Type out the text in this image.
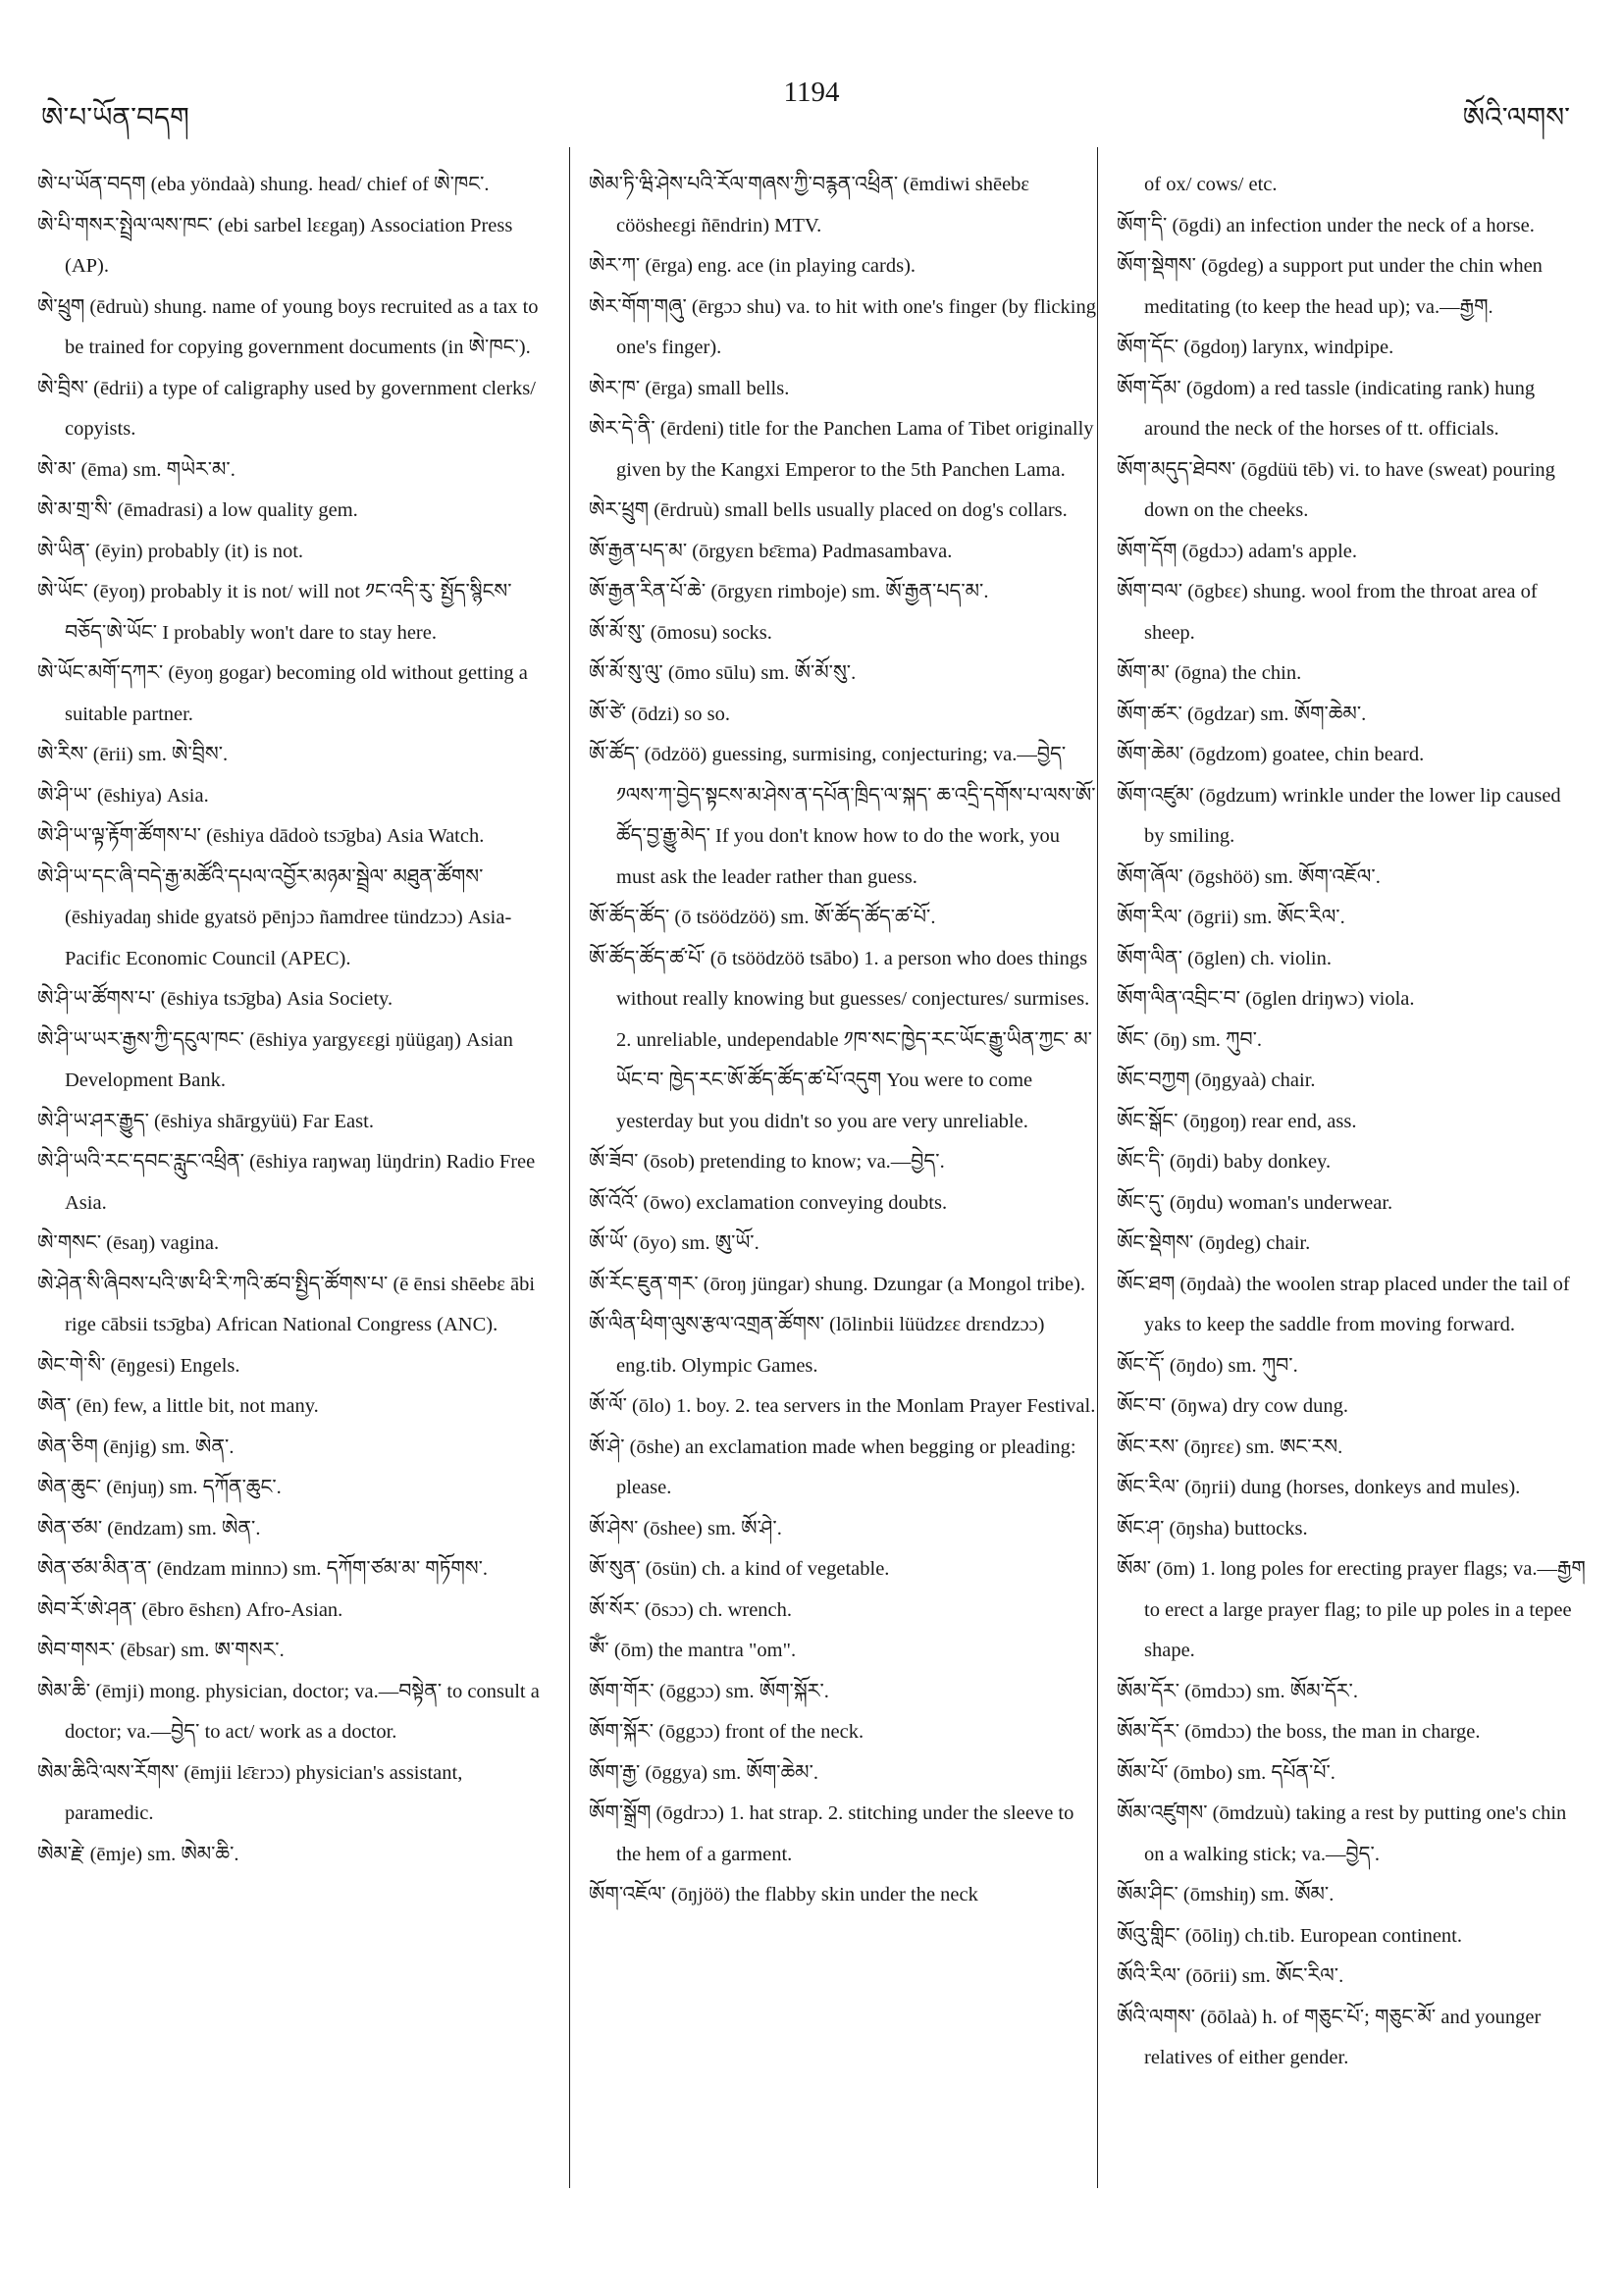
ཨེ་པ་ཡོན་བདག
1194
ཨོའི་ལགས་

ཨེ་པ་ཡོན་བདག (eba yöndaà) shung. head/ chief of ཨེ་ཁང་.

ཨེ་པི་གསར་སྤྲེལ་ལས་ཁང་ (ebi sarbel lɛɛgaŋ) Association Press (AP).

ཨེ་ཕྲུག (ēdruù) shung. name of young boys recruited as a tax to be trained for copying government documents (in ཨེ་ཁང་).

ཨེ་བྲིས་ (ēdrii) a type of caligraphy used by government clerks/ copyists.

ཨེ་མ་ (ēma) sm. གཡེར་མ་.

ཨེ་མ་གྲ་སི་ (ēmadrasi) a low quality gem.

ཨེ་ཡིན་ (ēyin) probably (it) is not.

ཨེ་ཡོང་ (ēyoŋ) probably it is not/ will not ༡ང་འདི་རུ་ སྤྱོད་སྙིངས་བཅོད་ཨེ་ཡོང་ I probably won't dare to stay here.

ཨེ་ཡོང་མགོ་དཀར་ (ēyoŋ gogar) becoming old without getting a suitable partner.

ཨེ་རིས་ (ērii) sm. ཨེ་བྲིས་.

ཨེ་ཤི་ཡ་ (ēshiya) Asia.

ཨེ་ཤི་ཡ་ལྟ་རྟོག་ཚོགས་པ་ (ēshiya dādoò tsɔ̄gba) Asia Watch.

ཨེ་ཤི་ཡ་དང་ཞི་བདེ་རྒྱ་མཚོའི་དཔལ་འབྱོར་མཉམ་སྦྲེལ་ མཐུན་ཚོགས་ (ēshiyadaŋ shide gyatsö pēnjɔɔ ñamdree tündzɔɔ) Asia-Pacific Economic Council (APEC).

ཨེ་ཤི་ཡ་ཚོགས་པ་ (ēshiya tsɔ̄gba) Asia Society.

ཨེ་ཤི་ཡ་ཡར་རྒྱས་ཀྱི་དངུལ་ཁང་ (ēshiya yargyɛɛgi ŋüügaŋ) Asian Development Bank.

ཨེ་ཤི་ཡ་ཤར་རྒྱུད་ (ēshiya shārgyüü) Far East.

ཨེ་ཤི་ཡའི་རང་དབང་རླུང་འཕྲིན་ (ēshiya raŋwaŋ lüŋdrin) Radio Free Asia.

ཨེ་གསང་ (ēsaŋ) vagina.

ཨེ་ཤེན་སི་ཞིབས་པའི་ཨ་ཕི་རི་ཀའི་ཚབ་སྤྱིད་ཚོགས་པ་ (ē ēnsi shēebɛ ābi rige cābsii tsɔ̄gba) African National Congress (ANC).

ཨེང་གེ་སི་ (ēŋgesi) Engels.

ཨེན་ (ēn) few, a little bit, not many.

ཨེན་ཅིག (ēnjig) sm. ཨེན་.

ཨེན་ཆུང་ (ēnjuŋ) sm. དཀོན་ཆུང་.

ཨེན་ཙམ་ (ēndzam) sm. ཨེན་.

ཨེན་ཙམ་མིན་ན་ (ēndzam minnɔ) sm. དཀོག་ཙམ་མ་ གཏོགས་.

ཨེབ་རོ་ཨེ་ཤན་ (ēbro ēshɛn) Afro-Asian.

ཨེབ་གསར་ (ēbsar) sm. ཨ་གསར་.

ཨེམ་ཆི་ (ēmji) mong. physician, doctor; va.—བསྟེན་ to consult a doctor; va.—བྱེད་ to act/ work as a doctor.

ཨེམ་ཆིའི་ལས་རོགས་ (ēmjii lɛ̄ɛrɔɔ) physician's assistant, paramedic.

ཨེམ་རྗེ་ (ēmje) sm. ཨེམ་ཆི་.

ཨེམ་ཏི་ཝི་ཤེས་པའི་རོལ་གཞས་ཀྱི་བརྙན་འཕྲིན་ (ēmdiwi shēebɛ cöösheɛgi ñēndrin) MTV.

ཨེར་ཀ་ (ērga) eng. ace (in playing cards).

ཨེར་གོག་གཞུ་ (ērgɔɔ shu) va. to hit with one's finger (by flicking one's finger).

ཨེར་ཁ་ (ērga) small bells.

ཨེར་དེ་ནི་ (ērdeni) title for the Panchen Lama of Tibet originally given by the Kangxi Emperor to the 5th Panchen Lama.

ཨེར་ཕྲུག (ērdruù) small bells usually placed on dog's collars.

ཨོ་རྒྱན་པད་མ་ (ōrgyɛn bɛ̄ɛma) Padmasambava.

ཨོ་རྒྱན་རིན་པོ་ཆེ་ (ōrgyɛn rimboje) sm. ཨོ་རྒྱན་པད་མ་.

ཨོ་མོ་སུ་ (ōmosu) socks.

ཨོ་མོ་སུ་ལུ་ (ōmo sūlu) sm. ཨོ་མོ་སུ་.

ཨོ་ཙེ་ (ōdzi) so so.

ཨོ་ཚོད་ (ōdzöö) guessing, surmising, conjecturing; va.—བྱེད་ ༡ལས་ཀ་བྱེད་སྟངས་མ་ཤེས་ན་དཔོན་ཁྲིད་ལ་སྐད་ ཆ་འདྲི་དགོས་པ་ལས་ཨོ་ཚོད་བྱ་རྒྱུ་མེད་ If you don't know how to do the work, you must ask the leader rather than guess.

ཨོ་ཚོད་ཚོད་ (ō tsöödzöö) sm. ཨོ་ཚོད་ཚོད་ཚ་པོ་.

ཨོ་ཚོད་ཚོད་ཚ་པོ་ (ō tsöödzöö tsābo) 1. a person who does things without really knowing but guesses/ conjectures/ surmises. 2. unreliable, undependable ༡ཁ་སང་ཁྱེད་རང་ཡོང་རྒྱུ་ཡིན་ཀྱང་ མ་ཡོང་བ་ ཁྱེད་རང་ཨོ་ཚོད་ཚོད་ཚ་པོ་འདུག You were to come yesterday but you didn't so you are very unreliable.

ཨོ་ཟོབ་ (ōsob) pretending to know; va.—བྱེད་.

ཨོ་འོའོ་ (ōwo) exclamation conveying doubts.

ཨོ་ཡོ་ (ōyo) sm. ཨུ་ཡོ་.

ཨོ་རོང་ཇུན་གར་ (ōroŋ jüngar) shung. Dzungar (a Mongol tribe).

ཨོ་ལིན་ཕིག་ལུས་རྩལ་འགྲན་ཚོགས་ (lōlinbii lüüdzɛɛ drɛndzɔɔ) eng.tib. Olympic Games.

ཨོ་ལོ་ (ōlo) 1. boy. 2. tea servers in the Monlam Prayer Festival.

ཨོ་ཤེ་ (ōshe) an exclamation made when begging or pleading: please.

ཨོ་ཤེས་ (ōshee) sm. ཨོ་ཤེ་.

ཨོ་སུན་ (ōsün) ch. a kind of vegetable.

ཨོ་སོར་ (ōsɔɔ) ch. wrench.

ཨོཾ་ (ōm) the mantra "om".

ཨོག་གོར་ (ōggɔɔ) sm. ཨོག་སྐོར་.

ཨོག་སྐོར་ (ōggɔɔ) front of the neck.

ཨོག་རྒྱ་ (ōggya) sm. ཨོག་ཆེམ་.

ཨོག་སྒྲོག (ōgdrɔɔ) 1. hat strap. 2. stitching under the sleeve to the hem of a garment.

ཨོག་འཇོལ་ (ōŋjöö) the flabby skin under the neck

of ox/ cows/ etc.

ཨོག་དི་ (ōgdi) an infection under the neck of a horse.

ཨོག་སྡེགས་ (ōgdeg) a support put under the chin when meditating (to keep the head up); va.—རྒྱག.

ཨོག་དོང་ (ōgdoŋ) larynx, windpipe.

ཨོག་དོམ་ (ōgdom) a red tassle (indicating rank) hung around the neck of the horses of tt. officials.

ཨོག་མདུད་ཐེབས་ (ōgdüü tēb) vi. to have (sweat) pouring down on the cheeks.

ཨོག་དོག (ōgdɔɔ) adam's apple.

ཨོག་བལ་ (ōgbɛɛ) shung. wool from the throat area of sheep.

ཨོག་མ་ (ōgna) the chin.

ཨོག་ཚར་ (ōgdzar) sm. ཨོག་ཆེམ་.

ཨོག་ཆེམ་ (ōgdzom) goatee, chin beard.

ཨོག་འཛུམ་ (ōgdzum) wrinkle under the lower lip caused by smiling.

ཨོག་ཞོལ་ (ōgshöö) sm. ཨོག་འཇོལ་.

ཨོག་རིལ་ (ōgrii) sm. ཨོང་རིལ་.

ཨོག་ལིན་ (ōglen) ch. violin.

ཨོག་ལིན་འབྲིང་བ་ (ōglen driŋwɔ) viola.

ཨོང་ (ōŋ) sm. ཀུབ་.

ཨོང་བཀྱག (ōŋgyaà) chair.

ཨོང་སྒོང་ (ōŋgoŋ) rear end, ass.

ཨོང་དི་ (ōŋdi) baby donkey.

ཨོང་དུ་ (ōŋdu) woman's underwear.

ཨོང་སྡེགས་ (ōŋdeg) chair.

ཨོང་ཐག (ōŋdaà) the woolen strap placed under the tail of yaks to keep the saddle from moving forward.

ཨོང་དོ་ (ōŋdo) sm. ཀུབ་.

ཨོང་བ་ (ōŋwa) dry cow dung.

ཨོང་རས་ (ōŋrɛɛ) sm. ཨང་རས.

ཨོང་རིལ་ (ōŋrii) dung (horses, donkeys and mules).

ཨོང་ཤ་ (ōŋsha) buttocks.

ཨོམ་ (ōm) 1. long poles for erecting prayer flags; va.—རྒྱག to erect a large prayer flag; to pile up poles in a tepee shape.

ཨོམ་དོར་ (ōmdɔɔ) sm. ཨོམ་དོར་.

ཨོམ་དོར་ (ōmdɔɔ) the boss, the man in charge.

ཨོམ་པོ་ (ōmbo) sm. དཔོན་པོ་.

ཨོམ་འཛུགས་ (ōmdzuù) taking a rest by putting one's chin on a walking stick; va.—བྱེད་.

ཨོམ་ཤིང་ (ōmshiŋ) sm. ཨོམ་.

ཨོའུ་གླིང་ (ōōliŋ) ch.tib. European continent.

ཨོའི་རིལ་ (ōōrii) sm. ཨོང་རིལ་.

ཨོའི་ལགས་ (ōōlaà) h. of གཅུང་པོ་; གཅུང་མོ་ and younger relatives of either gender.
